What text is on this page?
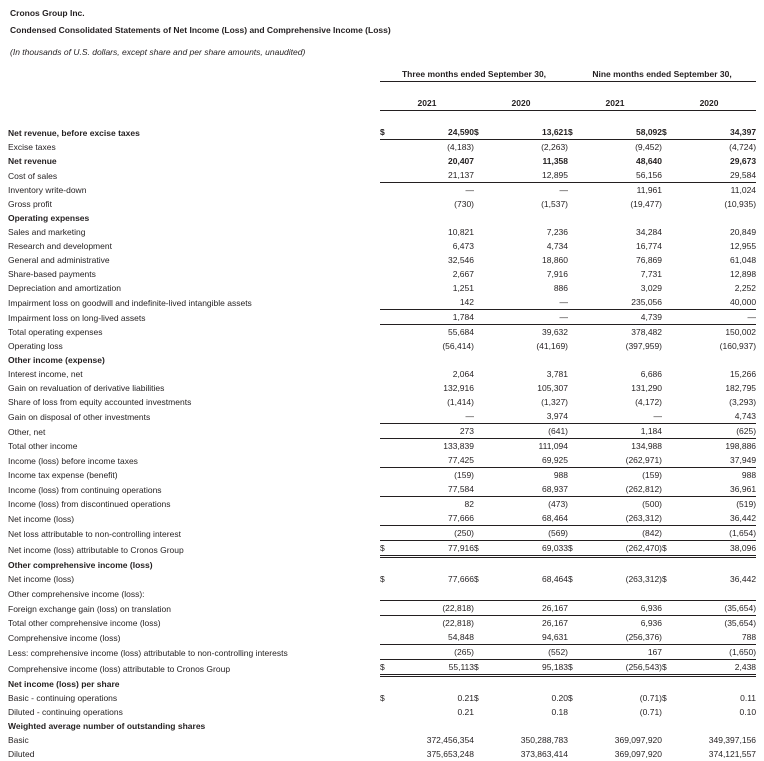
Cronos Group Inc.
Condensed Consolidated Statements of Net Income (Loss) and Comprehensive Income (Loss)
(In thousands of U.S. dollars, except share and per share amounts, unaudited)
	Three months ended September 30,				Nine months ended September 30,			

	2021		2020		2021		2020	

Net revenue, before excise taxes	$	24,590	$	13,621	$	58,092	$	34,397
Excise taxes		(4,183)		(2,263)		(9,452)		(4,724)
Net revenue		20,407		11,358		48,640		29,673
Cost of sales		21,137		12,895		56,156		29,584
Inventory write-down		—		—		11,961		11,024
Gross profit		(730)		(1,537)		(19,477)		(10,935)
Operating expenses								
Sales and marketing		10,821		7,236		34,284		20,849
Research and development		6,473		4,734		16,774		12,955
General and administrative		32,546		18,860		76,869		61,048
Share-based payments		2,667		7,916		7,731		12,898
Depreciation and amortization		1,251		886		3,029		2,252
Impairment loss on goodwill and indefinite-lived intangible assets		142		—		235,056		40,000
Impairment loss on long-lived assets		1,784		—		4,739		—
Total operating expenses		55,684		39,632		378,482		150,002
Operating loss		(56,414)		(41,169)		(397,959)		(160,937)
Other income (expense)								
Interest income, net		2,064		3,781		6,686		15,266
Gain on revaluation of derivative liabilities		132,916		105,307		131,290		182,795
Share of loss from equity accounted investments		(1,414)		(1,327)		(4,172)		(3,293)
Gain on disposal of other investments		—		3,974		—		4,743
Other, net		273		(641)		1,184		(625)
Total other income		133,839		111,094		134,988		198,886
Income (loss) before income taxes		77,425		69,925		(262,971)		37,949
Income tax expense (benefit)		(159)		988		(159)		988
Income (loss) from continuing operations		77,584		68,937		(262,812)		36,961
Income (loss) from discontinued operations		82		(473)		(500)		(519)
Net income (loss)		77,666		68,464		(263,312)		36,442
Net loss attributable to non-controlling interest		(250)		(569)		(842)		(1,654)
Net income (loss) attributable to Cronos Group	$	77,916	$	69,033	$	(262,470)	$	38,096
Other comprehensive income (loss)								
Net income (loss)	$	77,666	$	68,464	$	(263,312)	$	36,442
Other comprehensive income (loss):								
Foreign exchange gain (loss) on translation		(22,818)		26,167		6,936		(35,654)
Total other comprehensive income (loss)		(22,818)		26,167		6,936		(35,654)
Comprehensive income (loss)		54,848		94,631		(256,376)		788
Less: comprehensive income (loss) attributable to non-controlling interests		(265)		(552)		167		(1,650)
Comprehensive income (loss) attributable to Cronos Group	$	55,113	$	95,183	$	(256,543)	$	2,438
Net income (loss) per share								
Basic - continuing operations	$	0.21	$	0.20	$	(0.71)	$	0.11
Diluted - continuing operations		0.21		0.18		(0.71)		0.10
Weighted average number of outstanding shares								
Basic		372,456,354		350,288,783		369,097,920		349,397,156
Diluted		375,653,248		373,863,414		369,097,920		374,121,557
